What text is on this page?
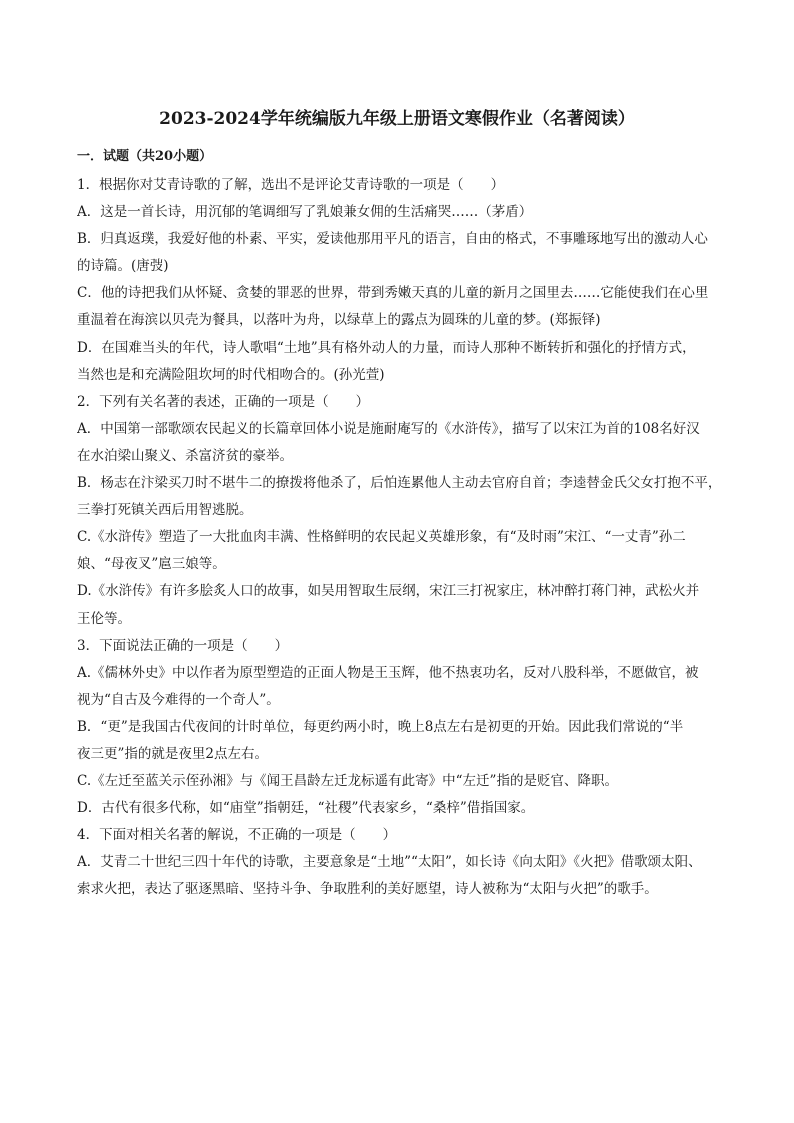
2023-2024学年统编版九年级上册语文寒假作业（名著阅读）
一．试题（共20小题）
1．根据你对艾青诗歌的了解，选出不是评论艾青诗歌的一项是（　　）
A．这是一首长诗，用沉郁的笔调细写了乳娘兼女佣的生活痛哭……（茅盾）
B．归真返璞，我爱好他的朴素、平实，爱读他那用平凡的语言，自由的格式，不事雕琢地写出的激动人心
的诗篇。(唐弢)
C．他的诗把我们从怀疑、贪婪的罪恶的世界，带到秀嫩天真的儿童的新月之国里去……它能使我们在心里
重温着在海滨以贝壳为餐具，以落叶为舟，以绿草上的露点为圆珠的儿童的梦。(郑振铎)
D．在国难当头的年代，诗人歌唱“土地”具有格外动人的力量，而诗人那种不断转折和强化的抒情方式，
当然也是和充满险阻坎坷的时代相吻合的。(孙光萱)
2．下列有关名著的表述，正确的一项是（　　）
A．中国第一部歌颂农民起义的长篇章回体小说是施耐庵写的《水浒传》，描写了以宋江为首的108名好汉
在水泊梁山聚义、杀富济贫的豪举。
B．杨志在汴梁买刀时不堪牛二的撩拨将他杀了，后怕连累他人主动去官府自首；李逵替金氏父女打抱不平，
三拳打死镇关西后用智逃脱。
C.《水浒传》塑造了一大批血肉丰满、性格鲜明的农民起义英雄形象，有“及时雨”宋江、“一丈青”孙二
娘、“母夜叉”扈三娘等。
D.《水浒传》有许多脍炙人口的故事，如吴用智取生辰纲，宋江三打祝家庄，林冲醉打蒋门神，武松火并
王伦等。
3．下面说法正确的一项是（　　）
A.《儒林外史》中以作者为原型塑造的正面人物是王玉辉，他不热衷功名，反对八股科举，不愿做官，被
视为“自古及今难得的一个奇人”。
B．“更”是我国古代夜间的计时单位，每更约两小时，晚上8点左右是初更的开始。因此我们常说的“半
夜三更”指的就是夜里2点左右。
C.《左迁至蓝关示侄孙湘》与《闻王昌龄左迁龙标遥有此寄》中“左迁”指的是贬官、降职。
D．古代有很多代称，如“庙堂”指朝廷，“社稷”代表家乡，“桑梓”借指国家。
4．下面对相关名著的解说，不正确的一项是（　　）
A．艾青二十世纪三四十年代的诗歌，主要意象是“土地”“太阳”，如长诗《向太阳》《火把》借歌颂太阳、
索求火把，表达了驱逐黑暗、坚持斗争、争取胜利的美好愿望，诗人被称为“太阳与火把”的歌手。
